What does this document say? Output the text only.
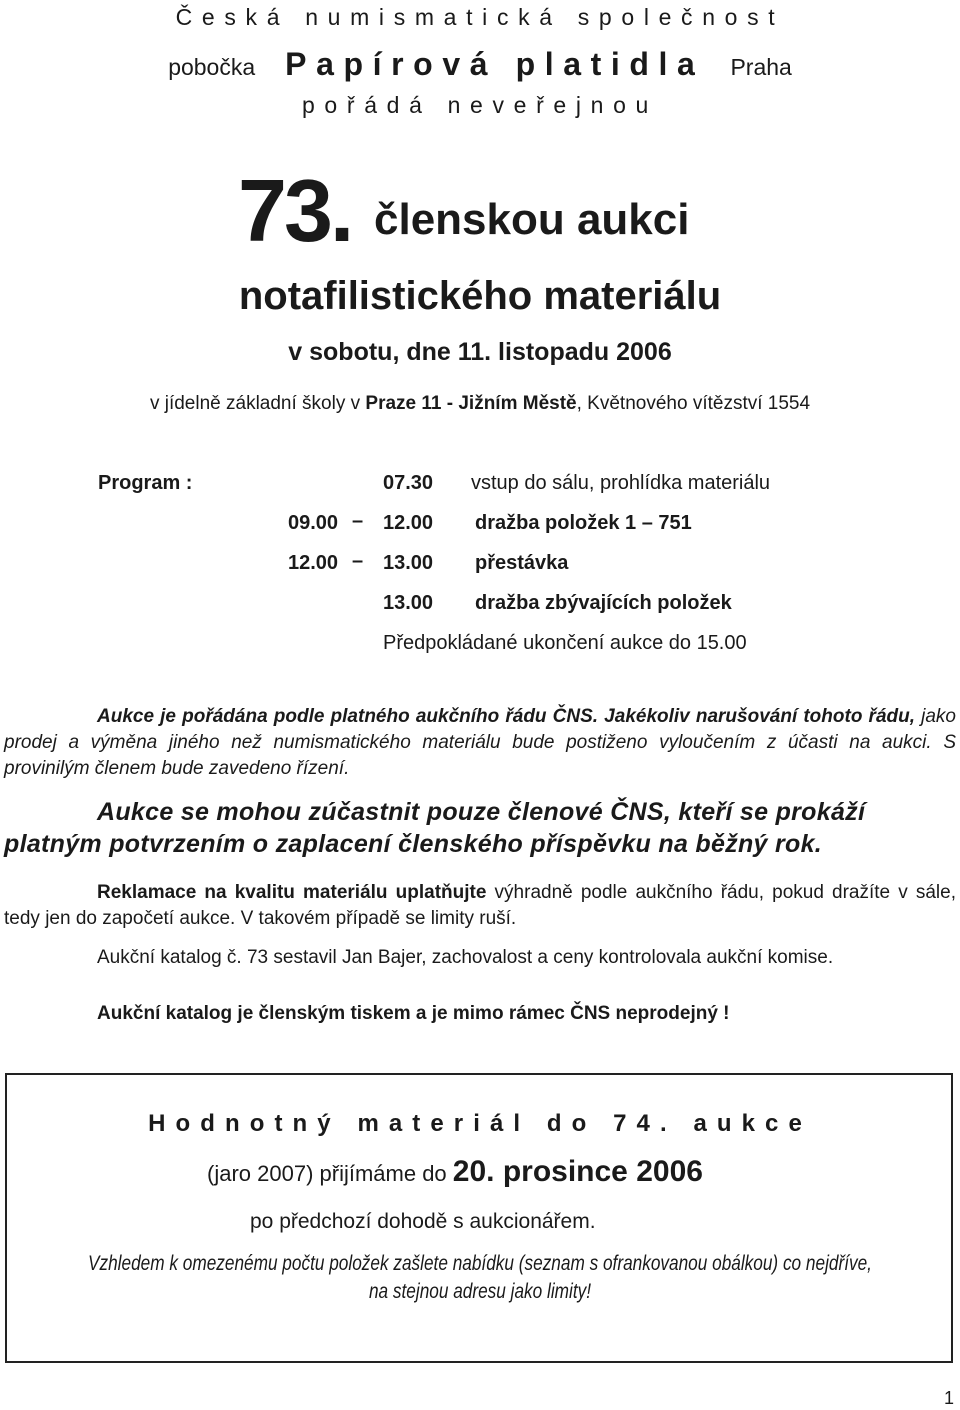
Česká numismatická společnost
pobočka Papírová platidla Praha
pořádá neveřejnou
73. členskou aukci
notafilistického materiálu
v sobotu, dne 11. listopadu 2006
v jídelně základní školy v Praze 11 - Jižním Městě, Květnového vítězství 1554
Program :	07.30 vstup do sálu, prohlídka materiálu
09.00 – 12.00 dražba položek 1 – 751
12.00 – 13.00 přestávka
13.00 dražba zbývajících položek
Předpokládané ukončení aukce do 15.00
Aukce je pořádána podle platného aukčního řádu ČNS. Jakékoliv narušování tohoto řádu, jako prodej a výměna jiného než numismatického materiálu bude postiženo vyloučením z účasti na aukci. S provinilým členem bude zavedeno řízení.
Aukce se mohou zúčastnit pouze členové ČNS, kteří se prokáží platným potvrzením o zaplacení členského příspěvku na běžný rok.
Reklamace na kvalitu materiálu uplatňujte výhradně podle aukčního řádu, pokud dražíte v sále, tedy jen do započetí aukce. V takovém případě se limity ruší.
Aukční katalog č. 73 sestavil Jan Bajer, zachovalost a ceny kontrolovala aukční komise.
Aukční katalog je členským tiskem a je mimo rámec ČNS neprodejný !
Hodnotný materiál do 74. aukce
(jaro 2007) přijímáme do 20. prosince 2006
po předchozí dohodě s aukcionářem.
Vzhledem k omezenému počtu položek zašlete nabídku (seznam s ofrankovanou obálkou) co nejdříve,
na stejnou adresu jako limity!
1
